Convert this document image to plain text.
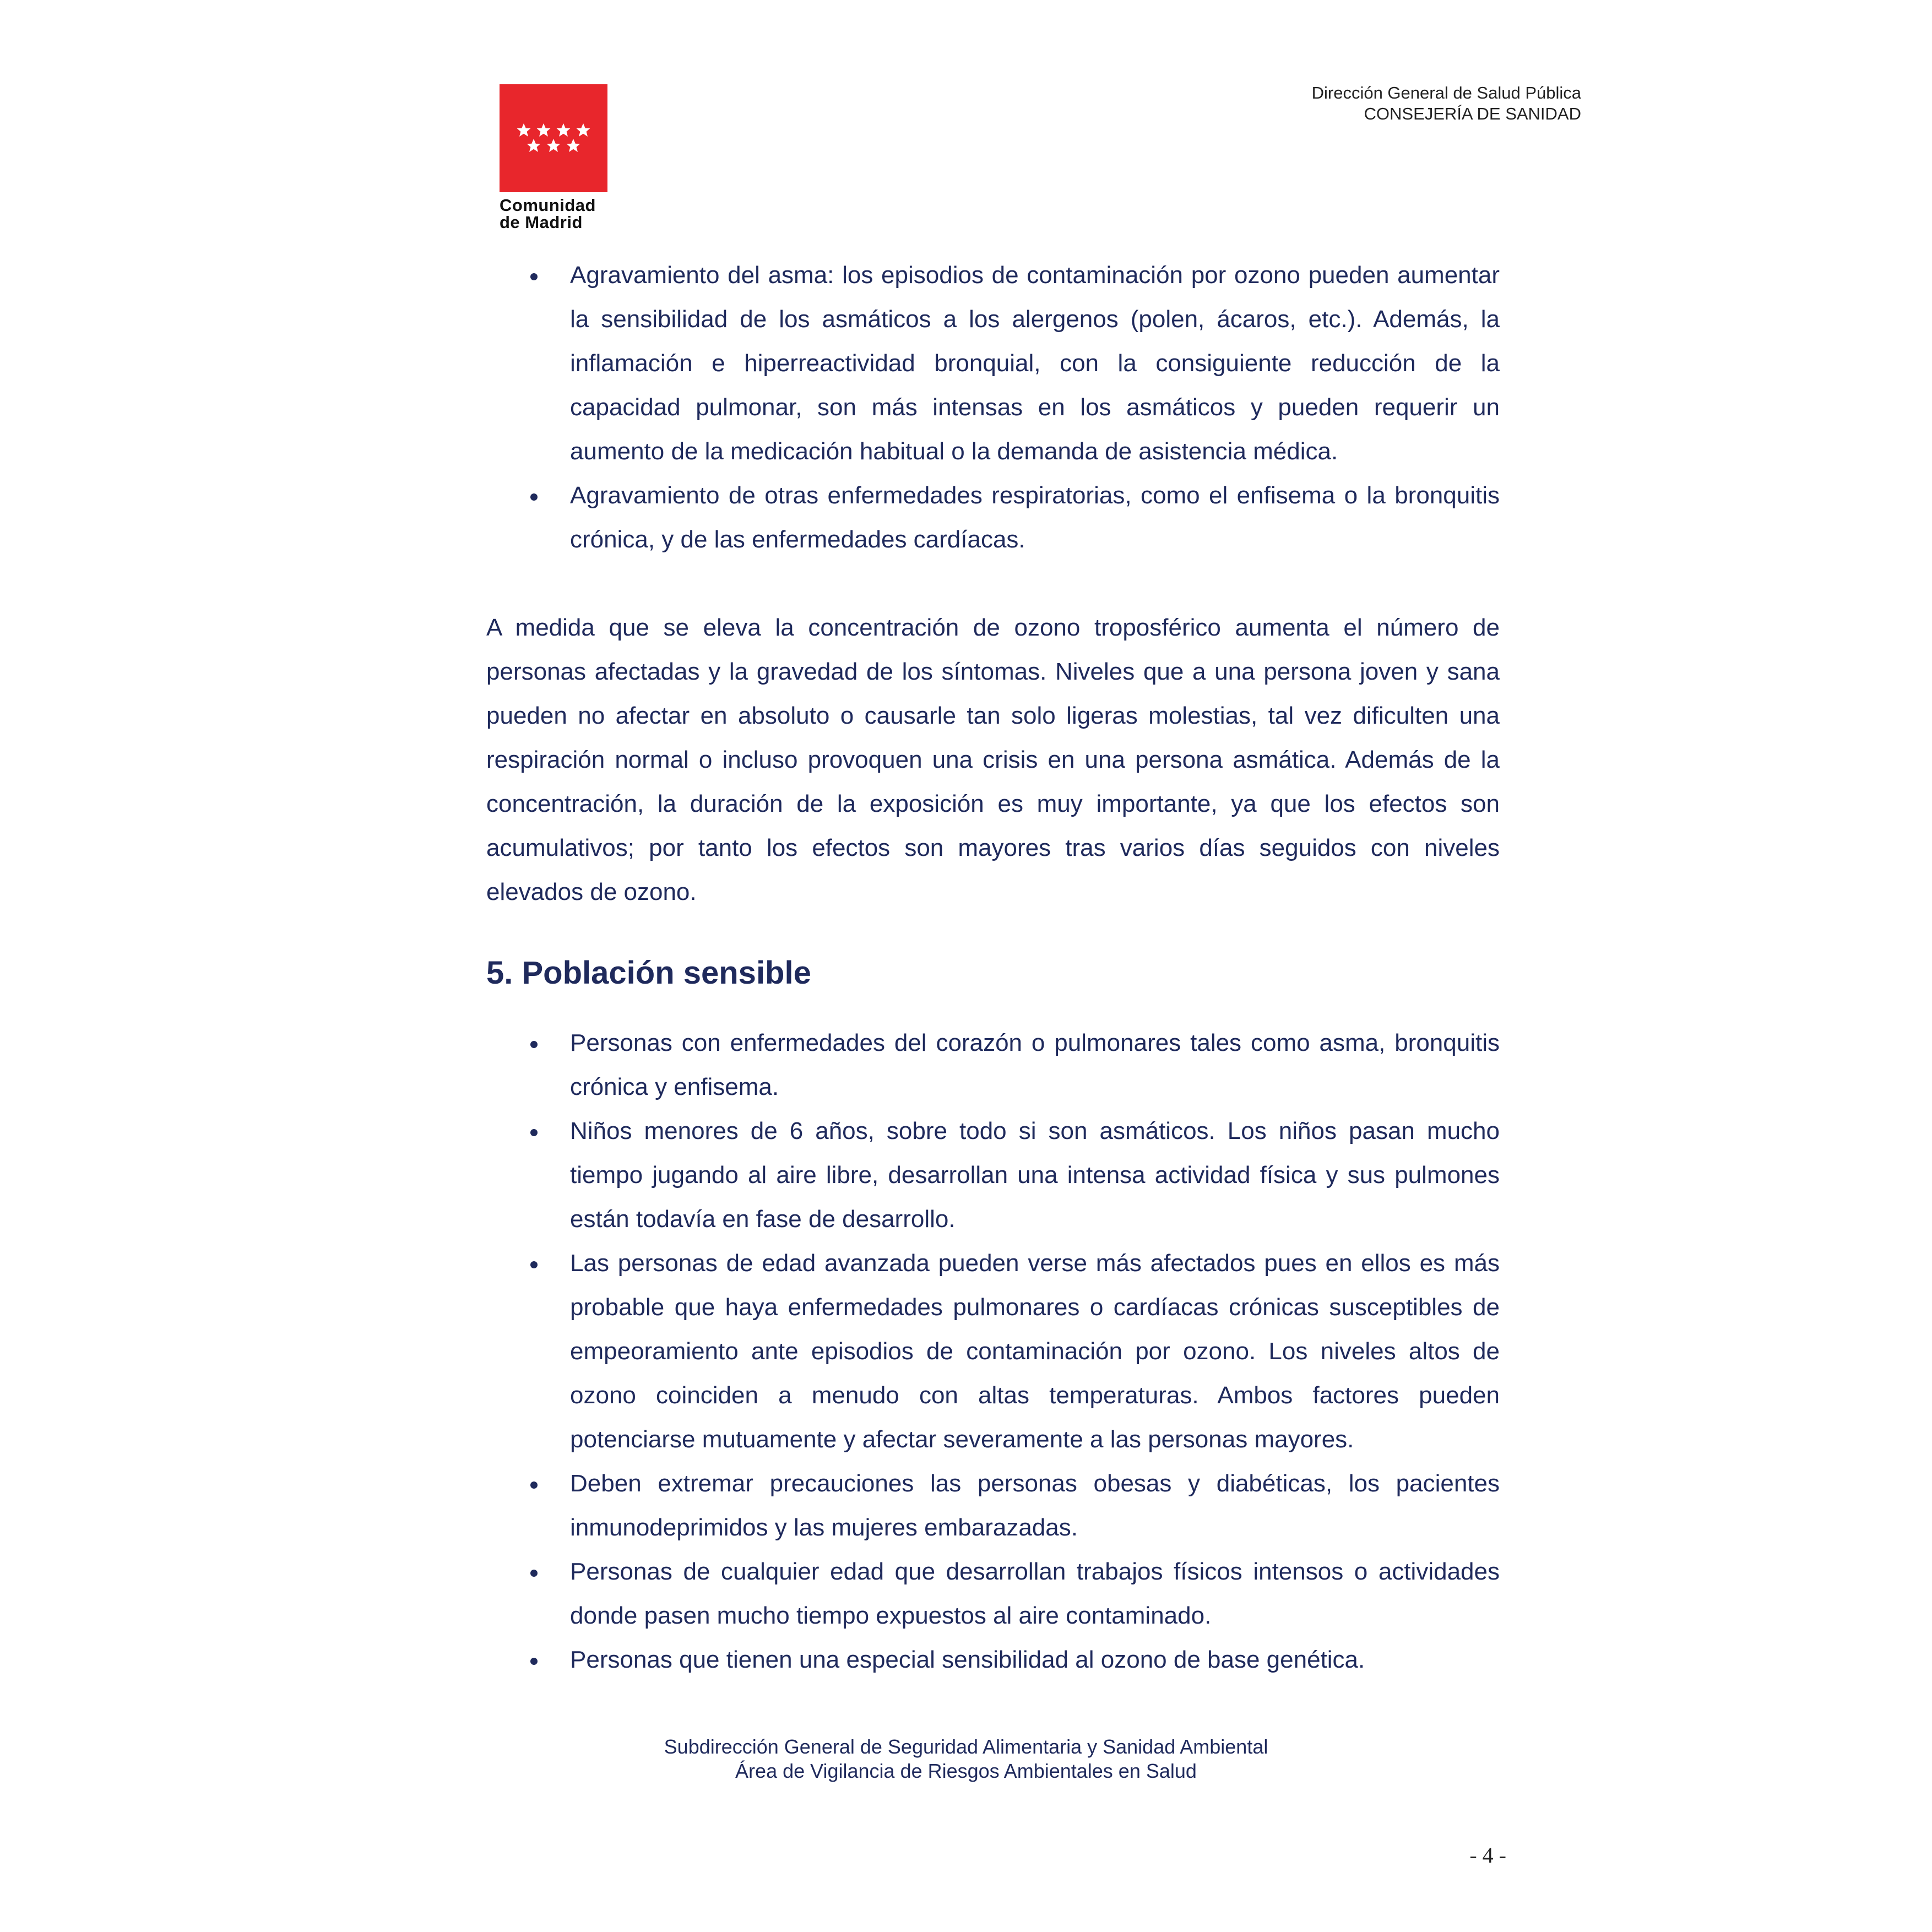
Comunidad
de Madrid
Dirección General de Salud Pública
CONSEJERÍA DE SANIDAD
Agravamiento del asma: los episodios de contaminación por ozono pueden aumentar la sensibilidad de los asmáticos a los alergenos (polen, ácaros, etc.). Además, la inflamación e hiperreactividad bronquial, con la consiguiente reducción de la capacidad pulmonar, son más intensas en los asmáticos y pueden requerir un aumento de la medicación habitual o la demanda de asistencia médica.
Agravamiento de otras enfermedades respiratorias, como el enfisema o la bronquitis crónica, y de las enfermedades cardíacas.

A medida que se eleva la concentración de ozono troposférico aumenta el número de personas afectadas y la gravedad de los síntomas. Niveles que a una persona joven y sana pueden no afectar en absoluto o causarle tan solo ligeras molestias, tal vez dificulten una respiración normal o incluso provoquen una crisis en una persona asmática. Además de la concentración, la duración de la exposición es muy importante, ya que los efectos son acumulativos; por tanto los efectos son mayores tras varios días seguidos con niveles elevados de ozono.

5. Población sensible
Personas con enfermedades del corazón o pulmonares tales como asma, bronquitis crónica y enfisema.
Niños menores de 6 años, sobre todo si son asmáticos. Los niños pasan mucho tiempo jugando al aire libre, desarrollan una intensa actividad física y sus pulmones están todavía en fase de desarrollo.
Las personas de edad avanzada pueden verse más afectados pues en ellos es más probable que haya enfermedades pulmonares o cardíacas crónicas susceptibles de empeoramiento ante episodios de contaminación por ozono. Los niveles altos de ozono coinciden a menudo con altas temperaturas. Ambos factores pueden potenciarse mutuamente y afectar severamente a las personas mayores.
Deben extremar precauciones las personas obesas y diabéticas, los pacientes inmunodeprimidos y las mujeres embarazadas.
Personas de cualquier edad que desarrollan trabajos físicos intensos o actividades donde pasen mucho tiempo expuestos al aire contaminado.
Personas que tienen una especial sensibilidad al ozono de base genética.
Subdirección General de Seguridad Alimentaria y Sanidad Ambiental
Área de Vigilancia de Riesgos Ambientales en Salud
- 4 -
